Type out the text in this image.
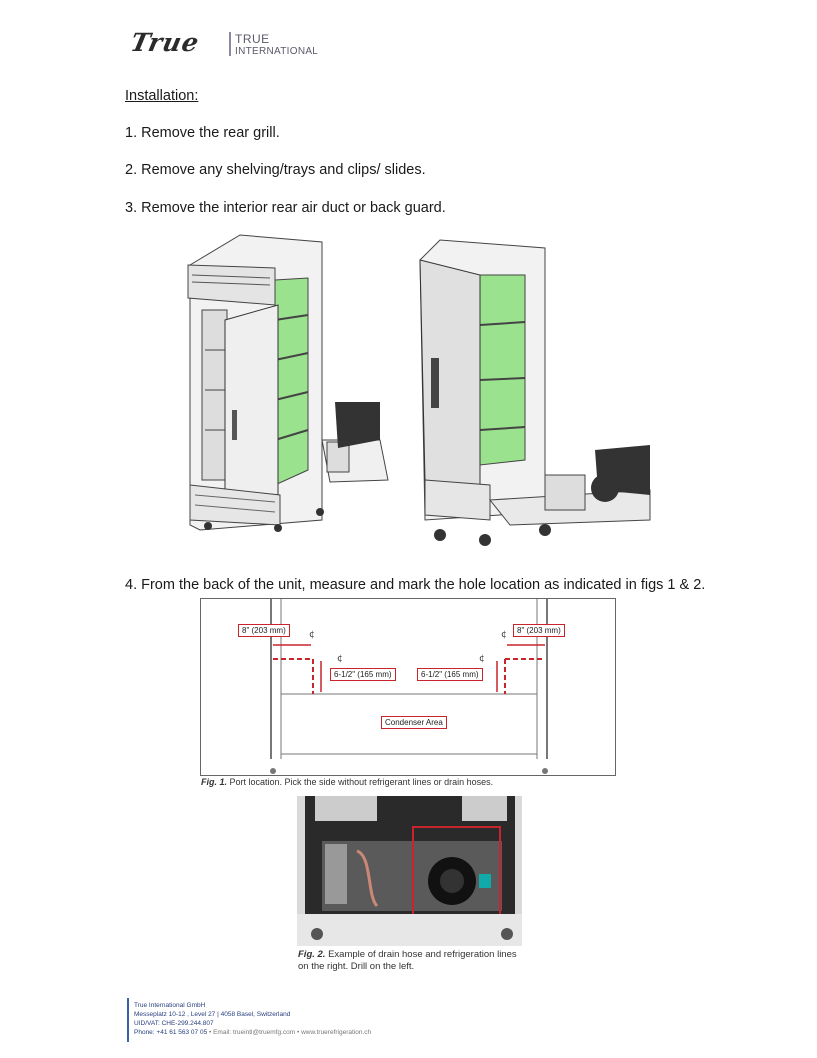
True	TRUE
INTERNATIONAL
Installation:
1. Remove the rear grill.
2. Remove any shelving/trays and clips/ slides.
3. Remove the interior rear air duct or back guard.
4. From the back of the unit, measure and mark the hole location as indicated in figs 1 & 2.
¢	¢
¢	¢
8" (203 mm)	8" (203 mm)
6-1/2" (165 mm)	6-1/2" (165 mm)
Condenser Area
Fig. 1. Port location. Pick the side without refrigerant lines or drain hoses.
Fig. 2. Example of drain hose and refrigeration lines on the right. Drill on the left.
True International GmbH
Messeplatz 10-12 , Level 27 | 4058 Basel, Switzerland
UID/VAT: CHE-299.244.807
Phone: +41 61 563 07 05 • Email: trueintl@truemfg.com • www.truerefrigeration.ch
